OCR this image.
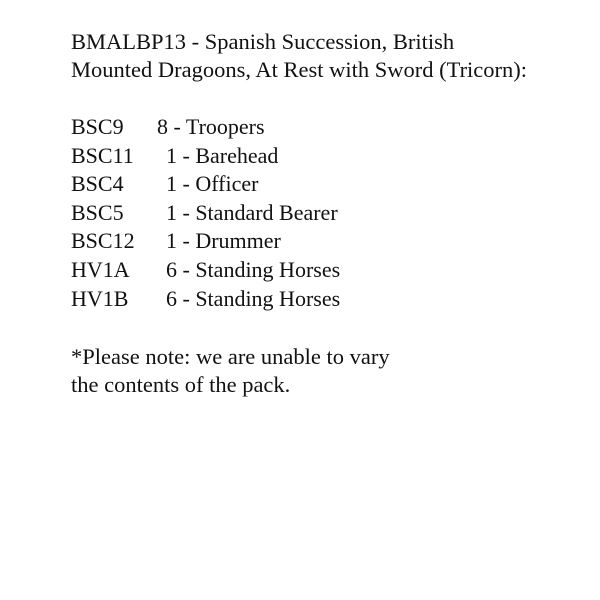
BMALBP13 - Spanish Succession, British
Mounted Dragoons, At Rest with Sword (Tricorn):
BSC9 8 - Troopers
BSC11 1 - Barehead
BSC4 1 - Officer
BSC5 1 - Standard Bearer
BSC12 1 - Drummer
HV1A 6 - Standing Horses
HV1B 6 - Standing Horses
*Please note: we are unable to vary
the contents of the pack.
